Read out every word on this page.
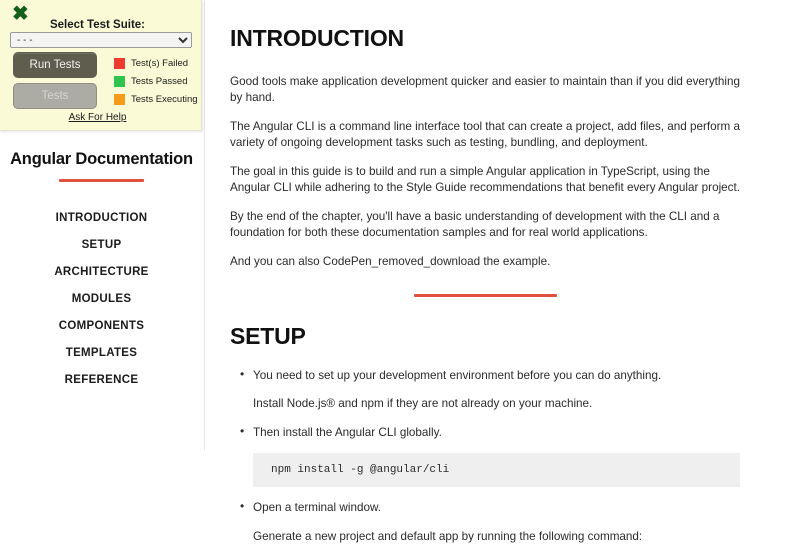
✖	Select Test Suite:
- - -
Run Tests
Tests
Test(s) Failed
Tests Passed
Tests Executing
Ask For Help
Angular Documentation
INTRODUCTION
SETUP
ARCHITECTURE
MODULES
COMPONENTS
TEMPLATES
REFERENCE
INTRODUCTION

Good tools make application development quicker and easier to maintain than if you did everything by hand.

The Angular CLI is a command line interface tool that can create a project, add files, and perform a variety of ongoing development tasks such as testing, bundling, and deployment.

The goal in this guide is to build and run a simple Angular application in TypeScript, using the Angular CLI while adhering to the Style Guide recommendations that benefit every Angular project.

By the end of the chapter, you'll have a basic understanding of development with the CLI and a foundation for both these documentation samples and for real world applications.

And you can also CodePen_removed_download the example.

SETUP
• You need to set up your development environment before you can do anything.
Install Node.js® and npm if they are not already on your machine.
• Then install the Angular CLI globally.
npm install -g @angular/cli
• Open a terminal window.
Generate a new project and default app by running the following command:
